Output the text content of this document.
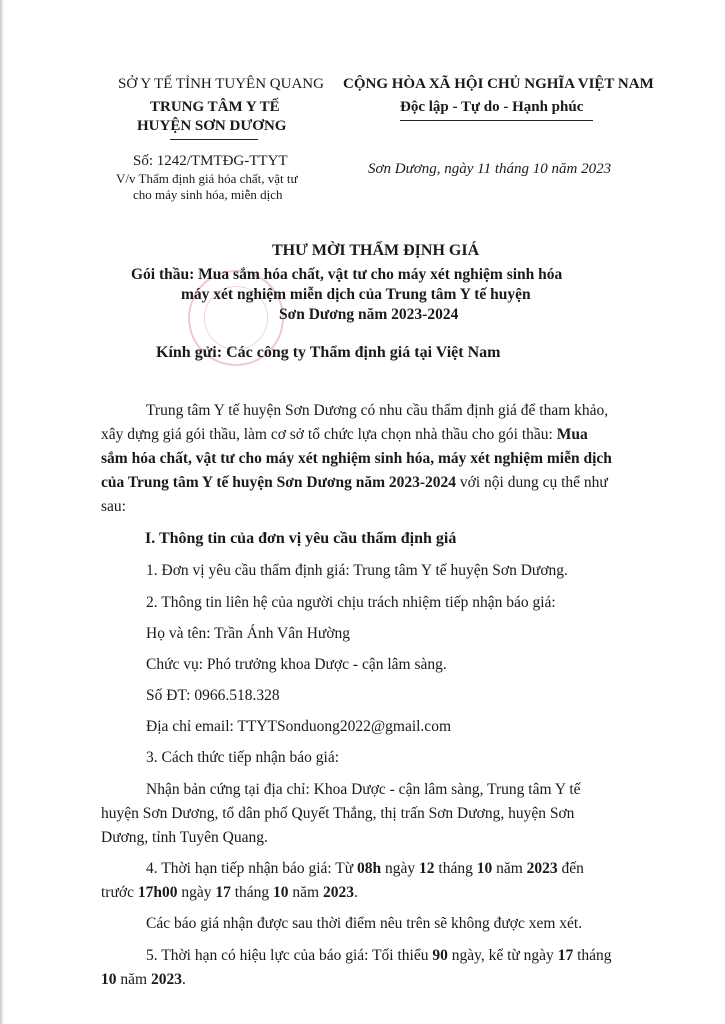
SỞ Y TẾ TỈNH TUYÊN QUANG
TRUNG TÂM Y TẾ
HUYỆN SƠN DƯƠNG
CỘNG HÒA XÃ HỘI CHỦ NGHĨA VIỆT NAM
Độc lập - Tự do - Hạnh phúc
Số: 1242/TMTĐG-TTYT
V/v Thẩm định giá hóa chất, vật tư
cho máy sinh hóa, miễn dịch
Sơn Dương, ngày 11 tháng 10 năm 2023
THƯ MỜI THẨM ĐỊNH GIÁ
Gói thầu: Mua sắm hóa chất, vật tư cho máy xét nghiệm sinh hóa
máy xét nghiệm miễn dịch của Trung tâm Y tế huyện
Sơn Dương năm 2023-2024
Kính gửi: Các công ty Thẩm định giá tại Việt Nam
Trung tâm Y tế huyện Sơn Dương có nhu cầu thẩm định giá để tham khảo,
xây dựng giá gói thầu, làm cơ sở tổ chức lựa chọn nhà thầu cho gói thầu: Mua
sắm hóa chất, vật tư cho máy xét nghiệm sinh hóa, máy xét nghiệm miễn dịch
của Trung tâm Y tế huyện Sơn Dương năm 2023-2024 với nội dung cụ thể như
sau:
I. Thông tin của đơn vị yêu cầu thẩm định giá
1. Đơn vị yêu cầu thẩm định giá: Trung tâm Y tế huyện Sơn Dương.
2. Thông tin liên hệ của người chịu trách nhiệm tiếp nhận báo giá:
Họ và tên: Trần Ánh Vân Hường
Chức vụ: Phó trưởng khoa Dược - cận lâm sàng.
Số ĐT: 0966.518.328
Địa chỉ email: TTYTSonduong2022@gmail.com
3. Cách thức tiếp nhận báo giá:
Nhận bản cứng tại địa chỉ: Khoa Dược - cận lâm sàng, Trung tâm Y tế
huyện Sơn Dương, tổ dân phố Quyết Thắng, thị trấn Sơn Dương, huyện Sơn
Dương, tỉnh Tuyên Quang.
4. Thời hạn tiếp nhận báo giá: Từ 08h ngày 12 tháng 10 năm 2023 đến
trước 17h00 ngày 17 tháng 10 năm 2023.
Các báo giá nhận được sau thời điểm nêu trên sẽ không được xem xét.
5. Thời hạn có hiệu lực của báo giá: Tối thiểu 90 ngày, kể từ ngày 17 tháng
10 năm 2023.
